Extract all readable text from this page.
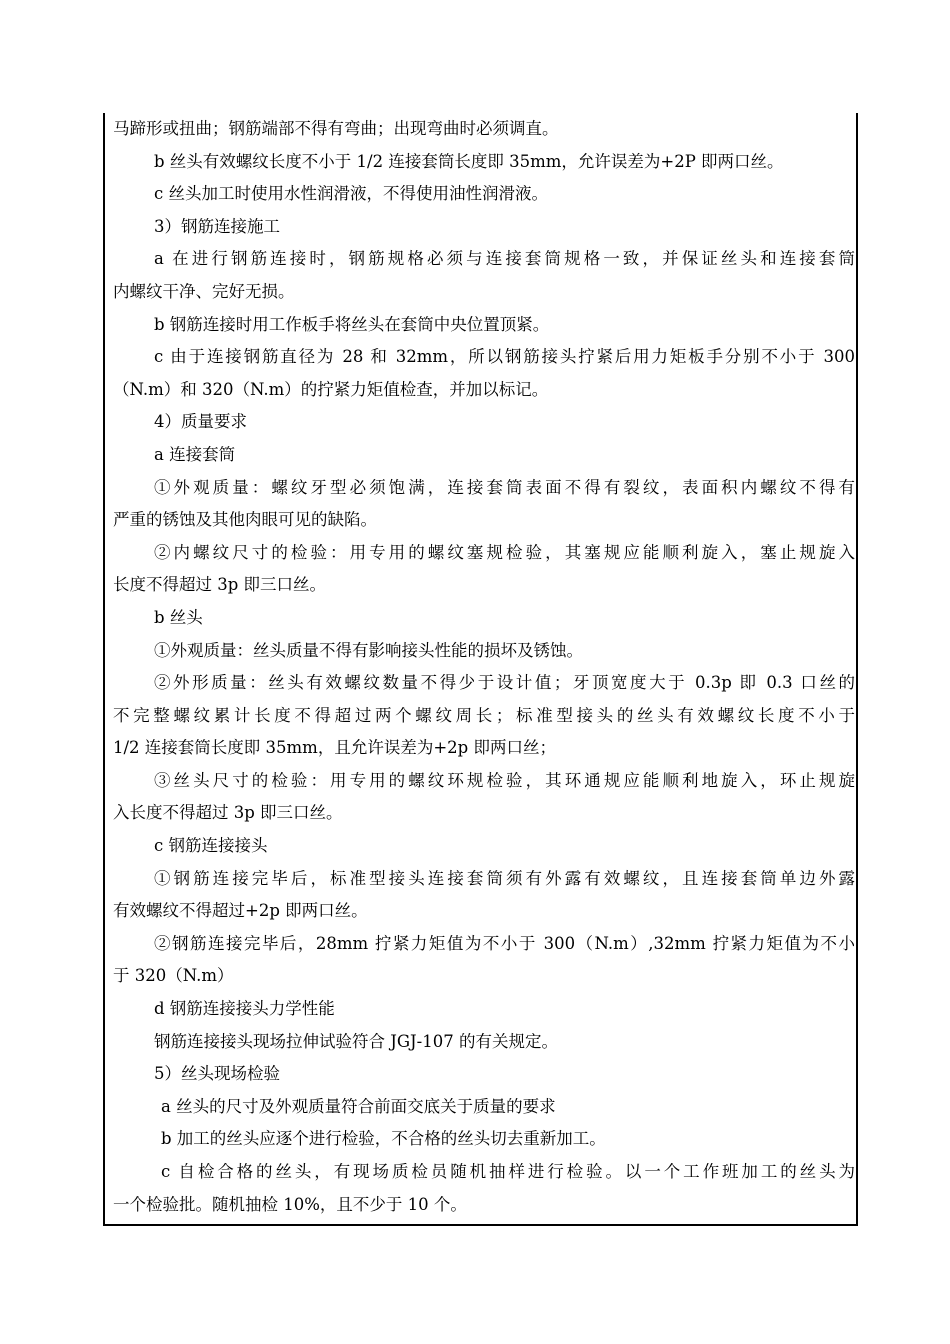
马蹄形或扭曲；钢筋端部不得有弯曲；出现弯曲时必须调直。
b 丝头有效螺纹长度不小于 1/2 连接套筒长度即 35mm，允许误差为+2P 即两口丝。
c 丝头加工时使用水性润滑液，不得使用油性润滑液。
3）钢筋连接施工
a 在进行钢筋连接时，钢筋规格必须与连接套筒规格一致，并保证丝头和连接套筒
内螺纹干净、完好无损。
b 钢筋连接时用工作板手将丝头在套筒中央位置顶紧。
c 由于连接钢筋直径为 28 和 32mm，所以钢筋接头拧紧后用力矩板手分别不小于 300
（N.m）和 320（N.m）的拧紧力矩值检查，并加以标记。
4）质量要求
a 连接套筒
①外观质量：螺纹牙型必须饱满，连接套筒表面不得有裂纹，表面积内螺纹不得有
严重的锈蚀及其他肉眼可见的缺陷。
②内螺纹尺寸的检验：用专用的螺纹塞规检验，其塞规应能顺利旋入，塞止规旋入
长度不得超过 3p 即三口丝。
b 丝头
①外观质量：丝头质量不得有影响接头性能的损坏及锈蚀。
②外形质量：丝头有效螺纹数量不得少于设计值；牙顶宽度大于 0.3p 即 0.3 口丝的
不完整螺纹累计长度不得超过两个螺纹周长；标准型接头的丝头有效螺纹长度不小于
1/2 连接套筒长度即 35mm，且允许误差为+2p 即两口丝；
③丝头尺寸的检验：用专用的螺纹环规检验，其环通规应能顺利地旋入，环止规旋
入长度不得超过 3p 即三口丝。
c 钢筋连接接头
①钢筋连接完毕后，标准型接头连接套筒须有外露有效螺纹，且连接套筒单边外露
有效螺纹不得超过+2p 即两口丝。
②钢筋连接完毕后，28mm 拧紧力矩值为不小于 300（N.m）,32mm 拧紧力矩值为不小
于 320（N.m）
d 钢筋连接接头力学性能
钢筋连接接头现场拉伸试验符合 JGJ-107 的有关规定。
5）丝头现场检验
a 丝头的尺寸及外观质量符合前面交底关于质量的要求
b 加工的丝头应逐个进行检验，不合格的丝头切去重新加工。
c 自检合格的丝头，有现场质检员随机抽样进行检验。以一个工作班加工的丝头为
一个检验批。随机抽检 10%，且不少于 10 个。
